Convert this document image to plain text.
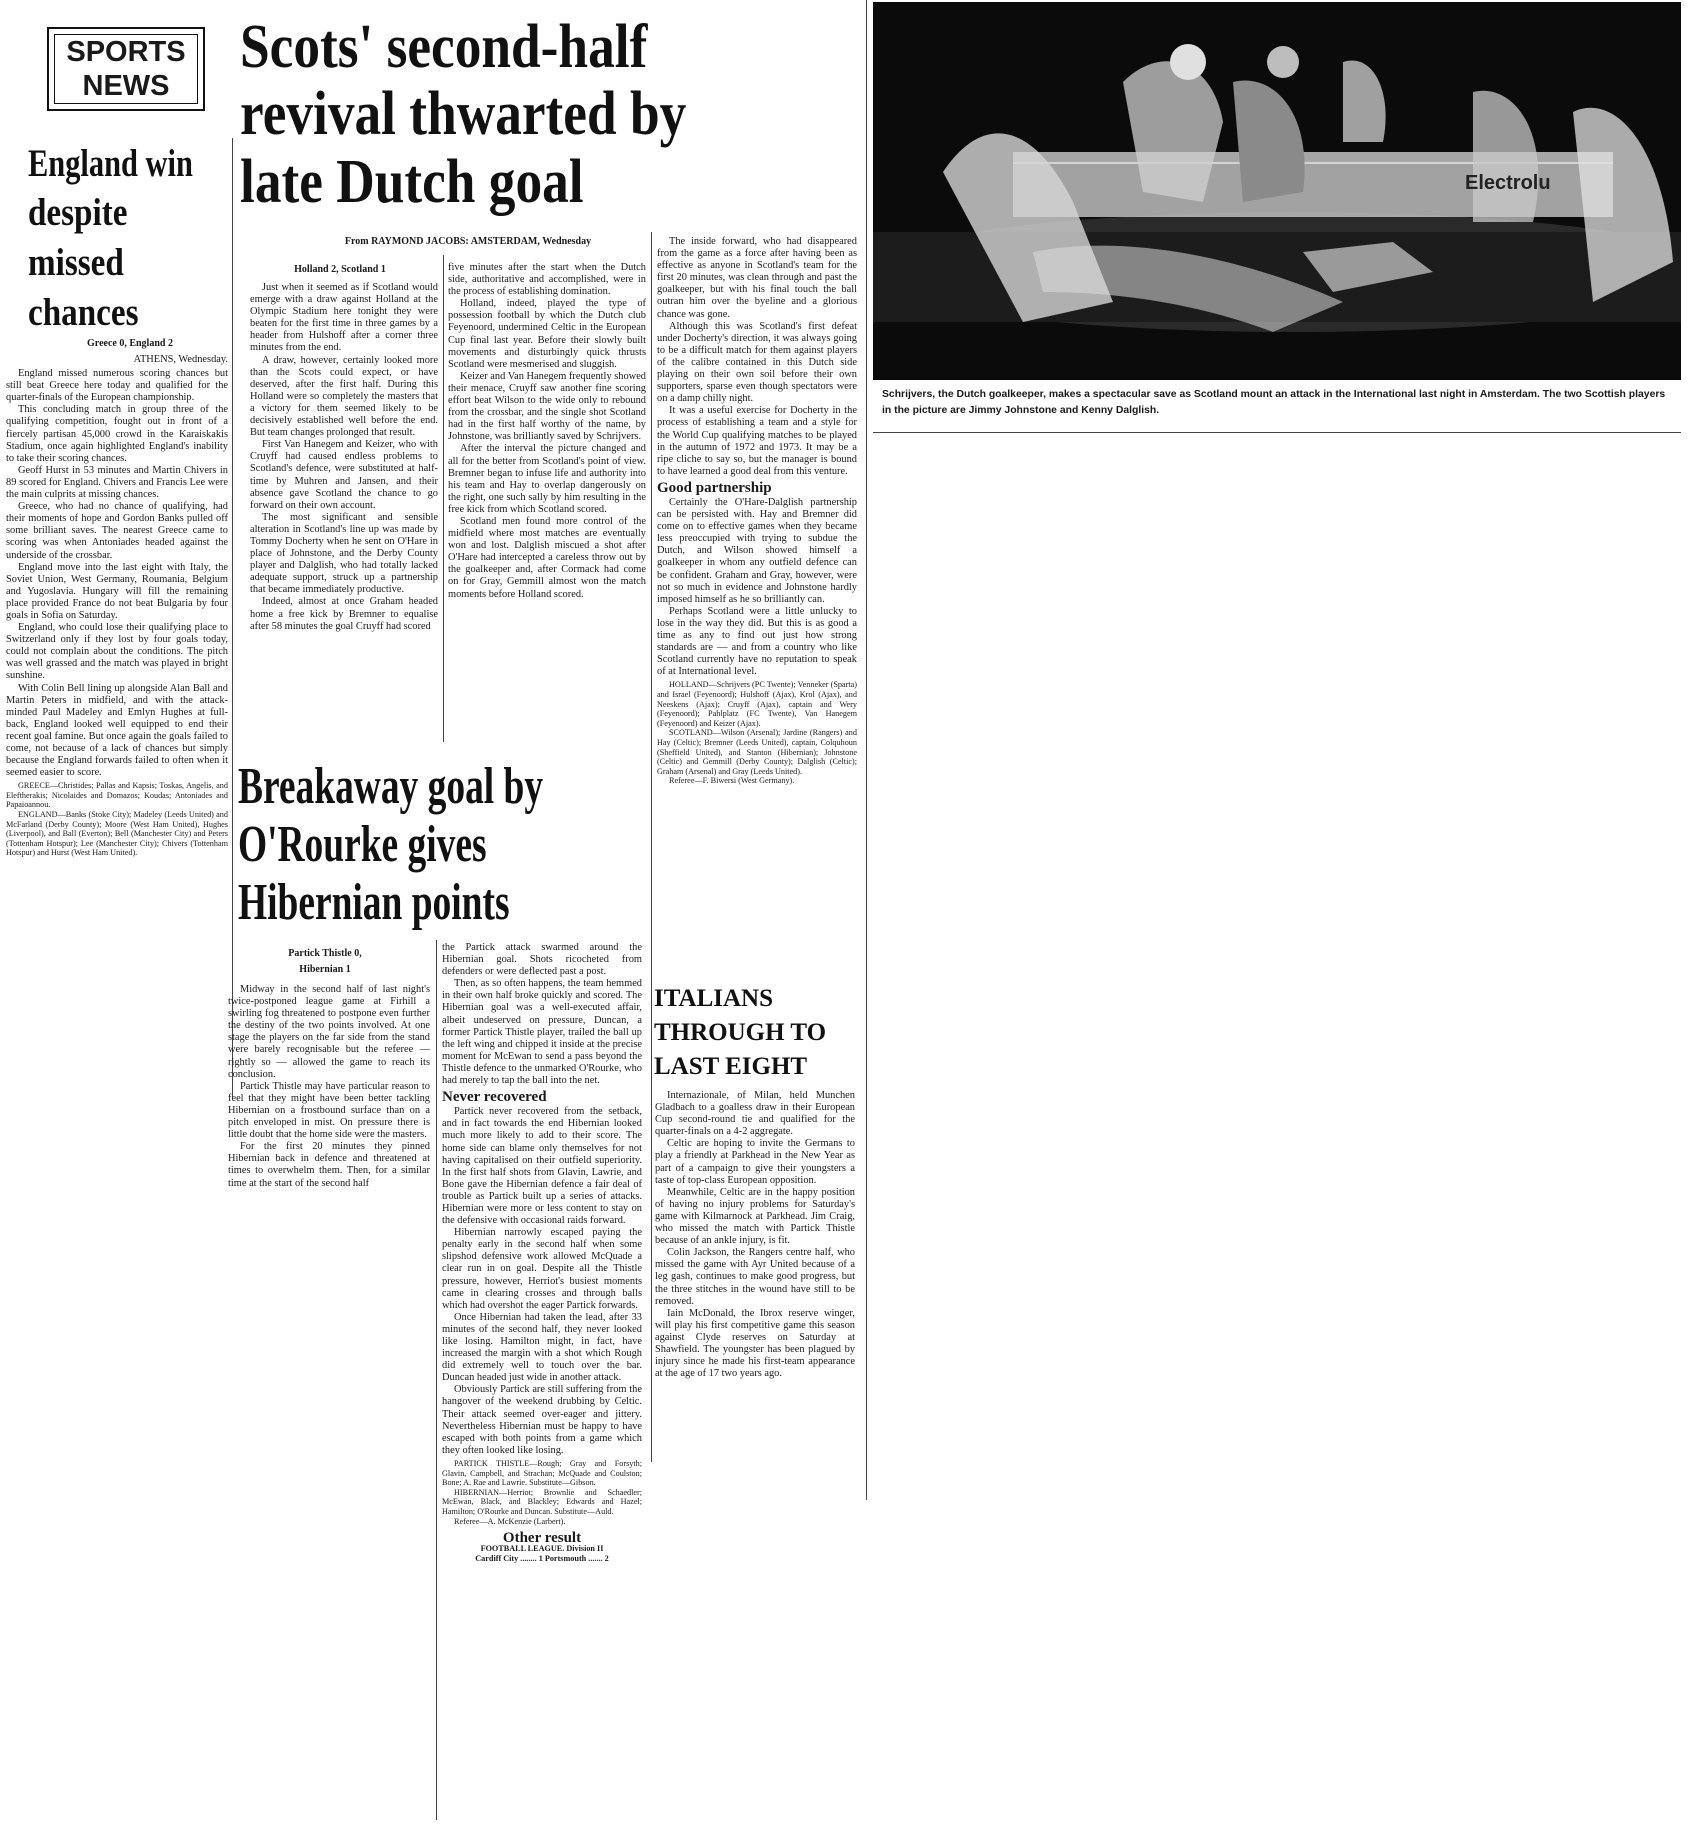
SPORTS
NEWS
England win
despite
missed
chances
Greece 0, England 2

ATHENS, Wednesday.

England missed numerous scoring chances but still beat Greece here today and qualified for the quarter-finals of the European championship.

This concluding match in group three of the qualifying competition, fought out in front of a fiercely partisan 45,000 crowd in the Karaiskakis Stadium, once again highlighted England's inability to take their scoring chances.

Geoff Hurst in 53 minutes and Martin Chivers in 89 scored for England. Chivers and Francis Lee were the main culprits at missing chances.

Greece, who had no chance of qualifying, had their moments of hope and Gordon Banks pulled off some brilliant saves. The nearest Greece came to scoring was when Antoniades headed against the underside of the crossbar.

England move into the last eight with Italy, the Soviet Union, West Germany, Roumania, Belgium and Yugoslavia. Hungary will fill the remaining place provided France do not beat Bulgaria by four goals in Sofia on Saturday.

England, who could lose their qualifying place to Switzerland only if they lost by four goals today, could not complain about the conditions. The pitch was well grassed and the match was played in bright sunshine.

With Colin Bell lining up alongside Alan Ball and Martin Peters in midfield, and with the attack-minded Paul Madeley and Emlyn Hughes at full-back, England looked well equipped to end their recent goal famine. But once again the goals failed to come, not because of a lack of chances but simply because the England forwards failed to often when it seemed easier to score.

GREECE—Christides; Pallas and Kapsis; Toskas, Angelis, and Eleftherakis; Nicolaides and Domazos; Koudas; Antoniades and Papaioannou.

ENGLAND—Banks (Stoke City); Madeley (Leeds United) and McFarland (Derby County); Moore (West Ham United), Hughes (Liverpool), and Ball (Everton); Bell (Manchester City) and Peters (Tottenham Hotspur); Lee (Manchester City); Chivers (Tottenham Hotspur) and Hurst (West Ham United).

Scots' second-half
revival thwarted by
late Dutch goal
From RAYMOND JACOBS: AMSTERDAM, Wednesday
Holland 2, Scotland 1

Just when it seemed as if Scotland would emerge with a draw against Holland at the Olympic Stadium here tonight they were beaten for the first time in three games by a header from Hulshoff after a corner three minutes from the end.

A draw, however, certainly looked more than the Scots could expect, or have deserved, after the first half. During this Holland were so completely the masters that a victory for them seemed likely to be decisively established well before the end. But team changes prolonged that result.

First Van Hanegem and Keizer, who with Cruyff had caused endless problems to Scotland's defence, were substituted at half-time by Muhren and Jansen, and their absence gave Scotland the chance to go forward on their own account.

The most significant and sensible alteration in Scotland's line up was made by Tommy Docherty when he sent on O'Hare in place of Johnstone, and the Derby County player and Dalglish, who had totally lacked adequate support, struck up a partnership that became immediately productive.

Indeed, almost at once Graham headed home a free kick by Bremner to equalise after 58 minutes the goal Cruyff had scored

five minutes after the start when the Dutch side, authoritative and accomplished, were in the process of establishing domination.

Holland, indeed, played the type of possession football by which the Dutch club Feyenoord, undermined Celtic in the European Cup final last year. Before their slowly built movements and disturbingly quick thrusts Scotland were mesmerised and sluggish.

Keizer and Van Hanegem frequently showed their menace, Cruyff saw another fine scoring effort beat Wilson to the wide only to rebound from the crossbar, and the single shot Scotland had in the first half worthy of the name, by Johnstone, was brilliantly saved by Schrijvers.

After the interval the picture changed and all for the better from Scotland's point of view. Bremner began to infuse life and authority into his team and Hay to overlap dangerously on the right, one such sally by him resulting in the free kick from which Scotland scored.

Scotland men found more control of the midfield where most matches are eventually won and lost. Dalglish miscued a shot after O'Hare had intercepted a careless throw out by the goalkeeper and, after Cormack had come on for Gray, Gemmill almost won the match moments before Holland scored.

The inside forward, who had disappeared from the game as a force after having been as effective as anyone in Scotland's team for the first 20 minutes, was clean through and past the goalkeeper, but with his final touch the ball outran him over the byeline and a glorious chance was gone.

Although this was Scotland's first defeat under Docherty's direction, it was always going to be a difficult match for them against players of the calibre contained in this Dutch side playing on their own soil before their own supporters, sparse even though spectators were on a damp chilly night.

It was a useful exercise for Docherty in the process of establishing a team and a style for the World Cup qualifying matches to be played in the autumn of 1972 and 1973. It may be a ripe cliche to say so, but the manager is bound to have learned a good deal from this venture.

Good partnership

Certainly the O'Hare-Dalglish partnership can be persisted with. Hay and Bremner did come on to effective games when they became less preoccupied with trying to subdue the Dutch, and Wilson showed himself a goalkeeper in whom any outfield defence can be confident. Graham and Gray, however, were not so much in evidence and Johnstone hardly imposed himself as he so brilliantly can.

Perhaps Scotland were a little unlucky to lose in the way they did. But this is as good a time as any to find out just how strong standards are — and from a country who like Scotland currently have no reputation to speak of at International level.

HOLLAND—Schrijvers (PC Twente); Venneker (Sparta) and Israel (Feyenoord); Hulshoff (Ajax), Krol (Ajax), and Neeskens (Ajax); Cruyff (Ajax), captain and Wery (Feyenoord); Pahlplatz (FC Twente), Van Hanegem (Feyenoord) and Keizer (Ajax).

SCOTLAND—Wilson (Arsenal); Jardine (Rangers) and Hay (Celtic); Bremner (Leeds United), captain, Colquhoun (Sheffield United), and Stanton (Hibernian); Johnstone (Celtic) and Gemmill (Derby County); Dalglish (Celtic); Graham (Arsenal) and Gray (Leeds United).

Referee—F. Biwersi (West Germany).

Electrolu
Schrijvers, the Dutch goalkeeper, makes a spectacular save as Scotland mount an attack in the International last night in Amsterdam. The two Scottish players in the picture are Jimmy Johnstone and Kenny Dalglish.
Breakaway goal by
O'Rourke gives
Hibernian points
Partick Thistle 0,
Hibernian 1

Midway in the second half of last night's twice-postponed league game at Firhill a swirling fog threatened to postpone even further the destiny of the two points involved. At one stage the players on the far side from the stand were barely recognisable but the referee — rightly so — allowed the game to reach its conclusion.

Partick Thistle may have particular reason to feel that they might have been better tackling Hibernian on a frostbound surface than on a pitch enveloped in mist. On pressure there is little doubt that the home side were the masters.

For the first 20 minutes they pinned Hibernian back in defence and threatened at times to overwhelm them. Then, for a similar time at the start of the second half

the Partick attack swarmed around the Hibernian goal. Shots ricocheted from defenders or were deflected past a post.

Then, as so often happens, the team hemmed in their own half broke quickly and scored. The Hibernian goal was a well-executed affair, albeit undeserved on pressure, Duncan, a former Partick Thistle player, trailed the ball up the left wing and chipped it inside at the precise moment for McEwan to send a pass beyond the Thistle defence to the unmarked O'Rourke, who had merely to tap the ball into the net.

Never recovered

Partick never recovered from the setback, and in fact towards the end Hibernian looked much more likely to add to their score. The home side can blame only themselves for not having capitalised on their outfield superiority. In the first half shots from Glavin, Lawrie, and Bone gave the Hibernian defence a fair deal of trouble as Partick built up a series of attacks. Hibernian were more or less content to stay on the defensive with occasional raids forward.

Hibernian narrowly escaped paying the penalty early in the second half when some slipshod defensive work allowed McQuade a clear run in on goal. Despite all the Thistle pressure, however, Herriot's busiest moments came in clearing crosses and through balls which had overshot the eager Partick forwards.

Once Hibernian had taken the lead, after 33 minutes of the second half, they never looked like losing. Hamilton might, in fact, have increased the margin with a shot which Rough did extremely well to touch over the bar. Duncan headed just wide in another attack.

Obviously Partick are still suffering from the hangover of the weekend drubbing by Celtic. Their attack seemed over-eager and jittery. Nevertheless Hibernian must be happy to have escaped with both points from a game which they often looked like losing.

PARTICK THISTLE—Rough; Gray and Forsyth; Glavin, Campbell, and Strachan; McQuade and Coulston; Bone; A. Rae and Lawrie. Substitute—Gibson.

HIBERNIAN—Herriot; Brownlie and Schaedler; McEwan, Black, and Blackley; Edwards and Hazel; Hamilton; O'Rourke and Duncan. Substitute—Auld.

Referee—A. McKenzie (Larbert).

Other result
FOOTBALL LEAGUE. Division II
Cardiff City ........ 1 Portsmouth ....... 2
ITALIANS
THROUGH TO
LAST EIGHT

Internazionale, of Milan, held Munchen Gladbach to a goalless draw in their European Cup second-round tie and qualified for the quarter-finals on a 4-2 aggregate.

Celtic are hoping to invite the Germans to play a friendly at Parkhead in the New Year as part of a campaign to give their youngsters a taste of top-class European opposition.

Meanwhile, Celtic are in the happy position of having no injury problems for Saturday's game with Kilmarnock at Parkhead. Jim Craig, who missed the match with Partick Thistle because of an ankle injury, is fit.

Colin Jackson, the Rangers centre half, who missed the game with Ayr United because of a leg gash, continues to make good progress, but the three stitches in the wound have still to be removed.

Iain McDonald, the Ibrox reserve winger, will play his first competitive game this season against Clyde reserves on Saturday at Shawfield. The youngster has been plagued by injury since he made his first-team appearance at the age of 17 two years ago.
